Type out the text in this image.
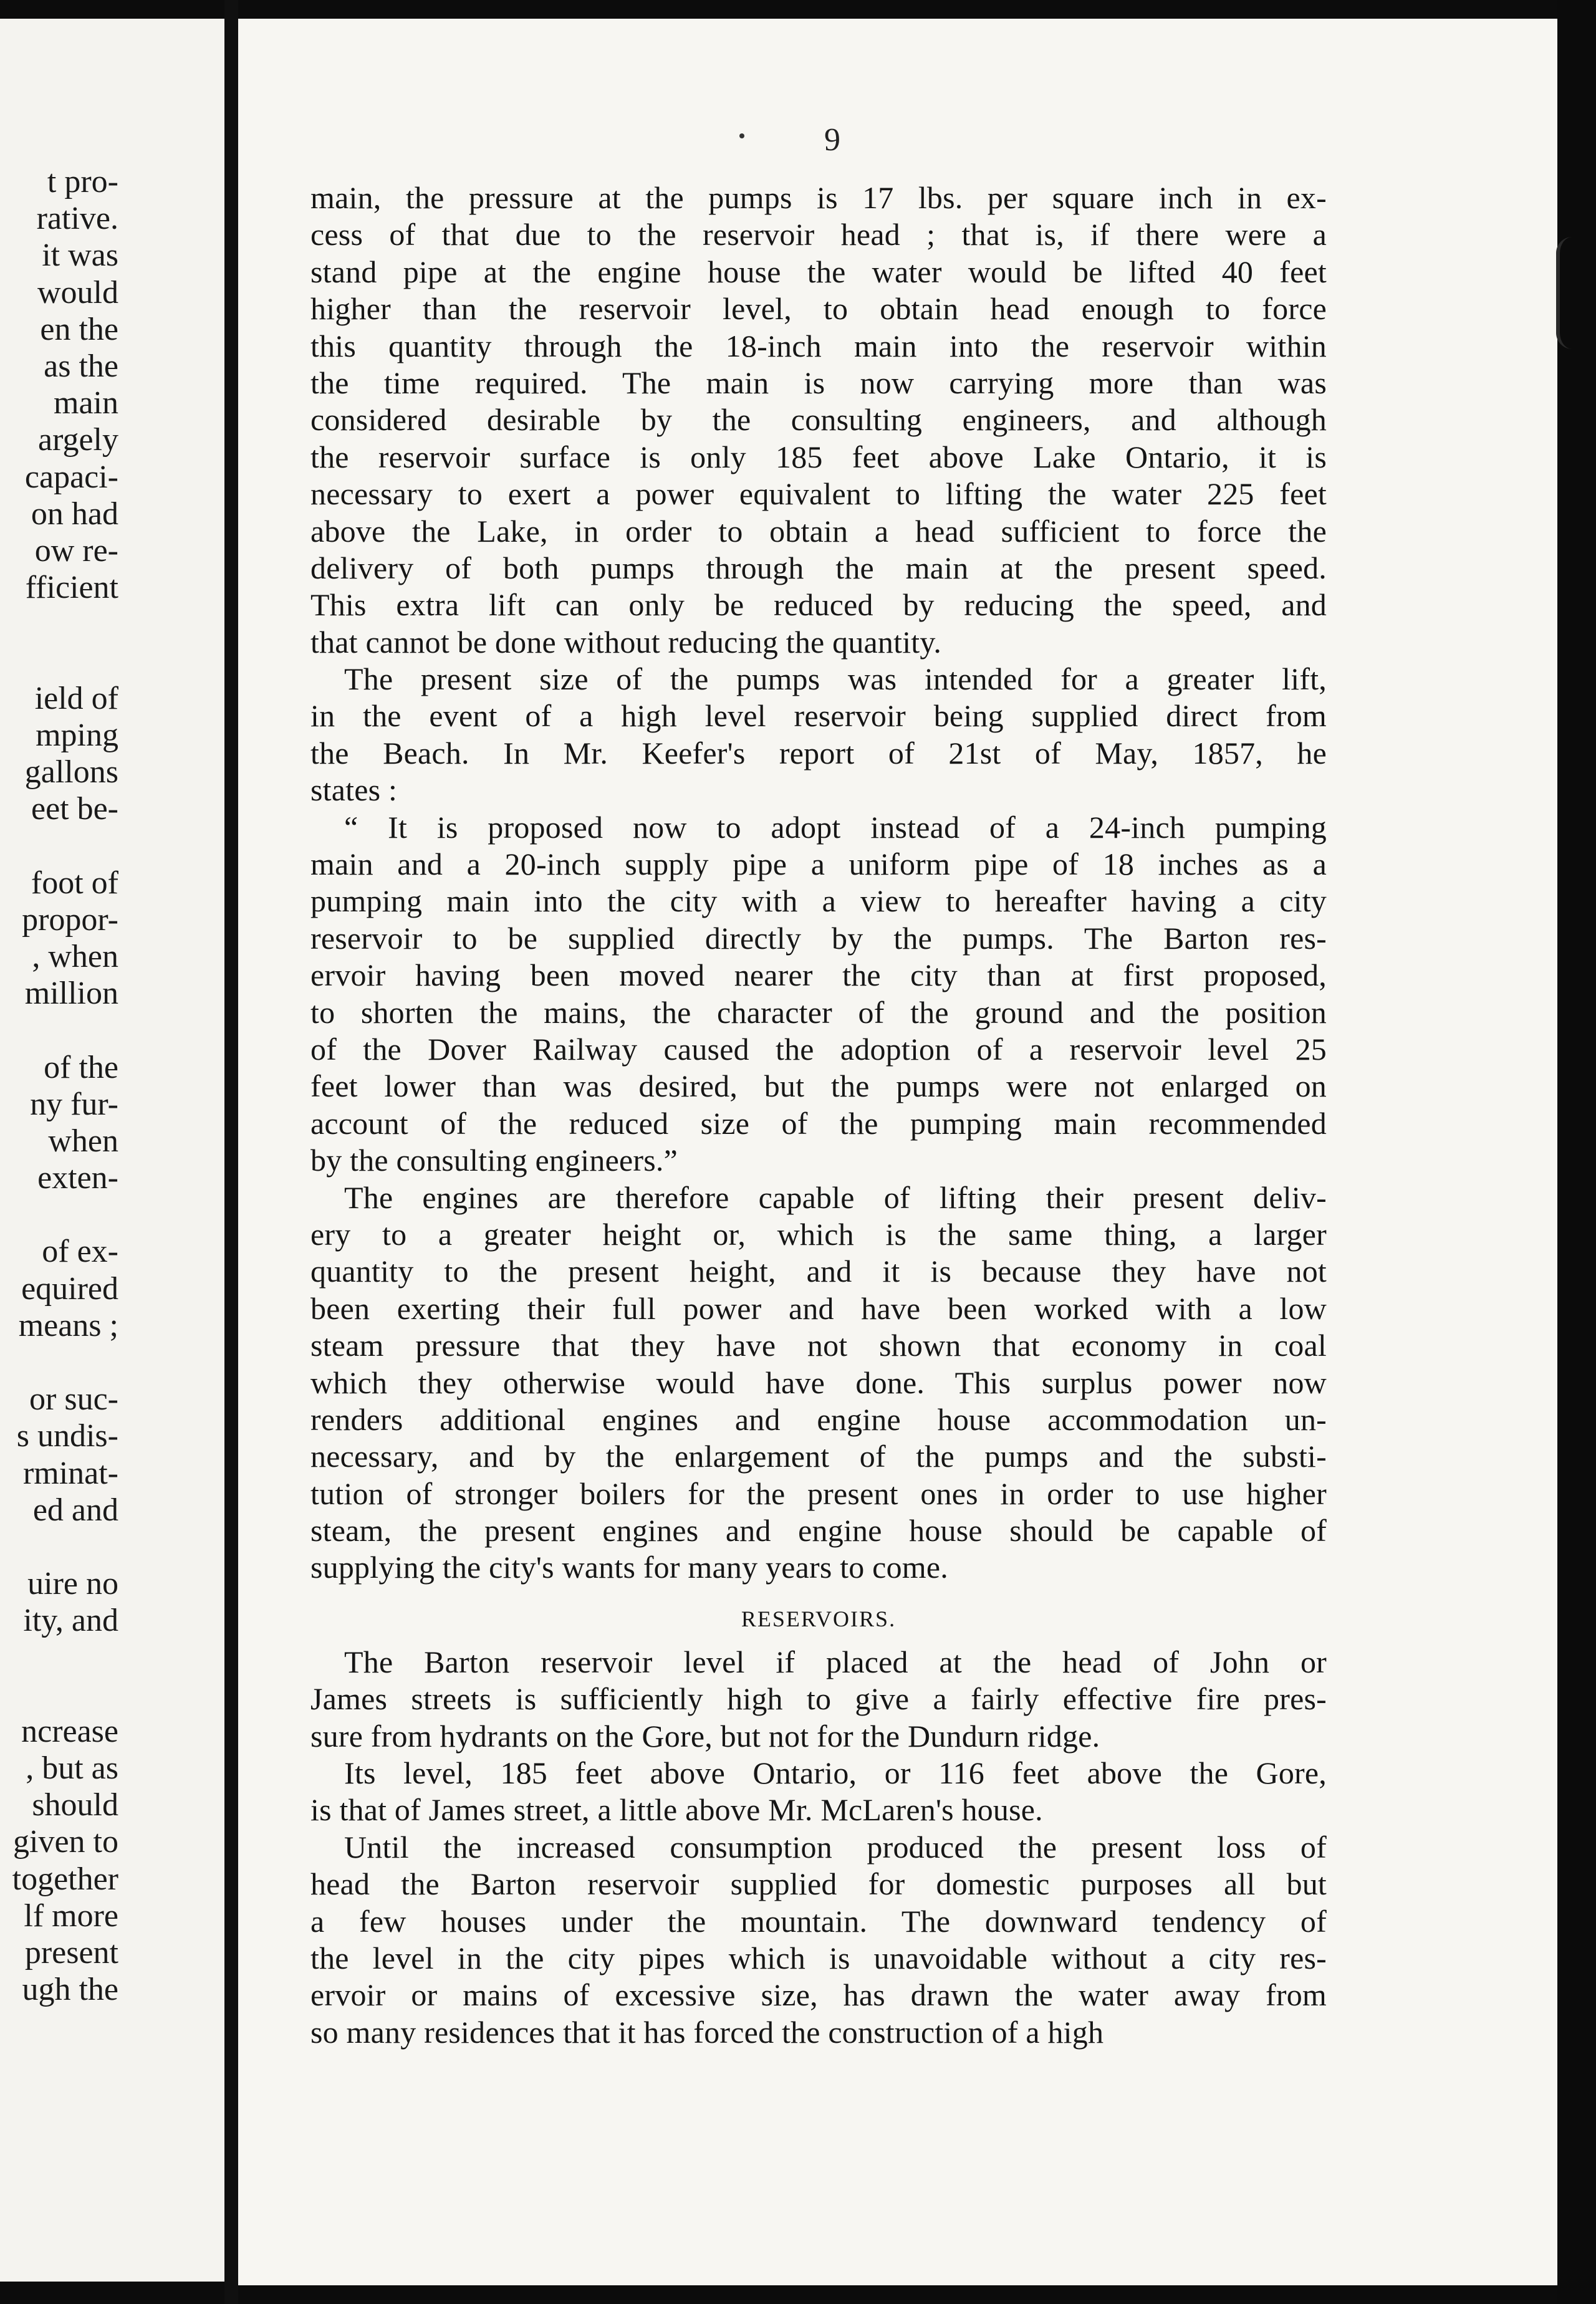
t pro-
rative.
it was
would
en the
as the
main
argely
capaci-
on had
ow re-
fficient
ield of
mping
gallons
eet be-
foot of
propor-
, when
million
of the
ny fur-
when
exten-
of ex-
equired
means ;
or suc-
s undis-
rminat-
ed and
uire no
ity, and
ncrease
, but as
should
given to
together
lf more
present
ugh the
9
main, the pressure at the pumps is 17 lbs. per square inch in ex-
cess of that due to the reservoir head ; that is, if there were a
stand pipe at the engine house the water would be lifted 40 feet
higher than the reservoir level, to obtain head enough to force
this quantity through the 18-inch main into the reservoir within
the time required. The main is now carrying more than was
considered desirable by the consulting engineers, and although
the reservoir surface is only 185 feet above Lake Ontario, it is
necessary to exert a power equivalent to lifting the water 225 feet
above the Lake, in order to obtain a head sufficient to force the
delivery of both pumps through the main at the present speed.
This extra lift can only be reduced by reducing the speed, and
that cannot be done without reducing the quantity.
The present size of the pumps was intended for a greater lift,
in the event of a high level reservoir being supplied direct from
the Beach. In Mr. Keefer's report of 21st of May, 1857, he
states :
“ It is proposed now to adopt instead of a 24-inch pumping
main and a 20-inch supply pipe a uniform pipe of 18 inches as a
pumping main into the city with a view to hereafter having a city
reservoir to be supplied directly by the pumps. The Barton res-
ervoir having been moved nearer the city than at first proposed,
to shorten the mains, the character of the ground and the position
of the Dover Railway caused the adoption of a reservoir level 25
feet lower than was desired, but the pumps were not enlarged on
account of the reduced size of the pumping main recommended
by the consulting engineers.”
The engines are therefore capable of lifting their present deliv-
ery to a greater height or, which is the same thing, a larger
quantity to the present height, and it is because they have not
been exerting their full power and have been worked with a low
steam pressure that they have not shown that economy in coal
which they otherwise would have done. This surplus power now
renders additional engines and engine house accommodation un-
necessary, and by the enlargement of the pumps and the substi-
tution of stronger boilers for the present ones in order to use higher
steam, the present engines and engine house should be capable of
supplying the city's wants for many years to come.
RESERVOIRS.
The Barton reservoir level if placed at the head of John or
James streets is sufficiently high to give a fairly effective fire pres-
sure from hydrants on the Gore, but not for the Dundurn ridge.
Its level, 185 feet above Ontario, or 116 feet above the Gore,
is that of James street, a little above Mr. McLaren's house.
Until the increased consumption produced the present loss of
head the Barton reservoir supplied for domestic purposes all but
a few houses under the mountain. The downward tendency of
the level in the city pipes which is unavoidable without a city res-
ervoir or mains of excessive size, has drawn the water away from
so many residences that it has forced the construction of a high
